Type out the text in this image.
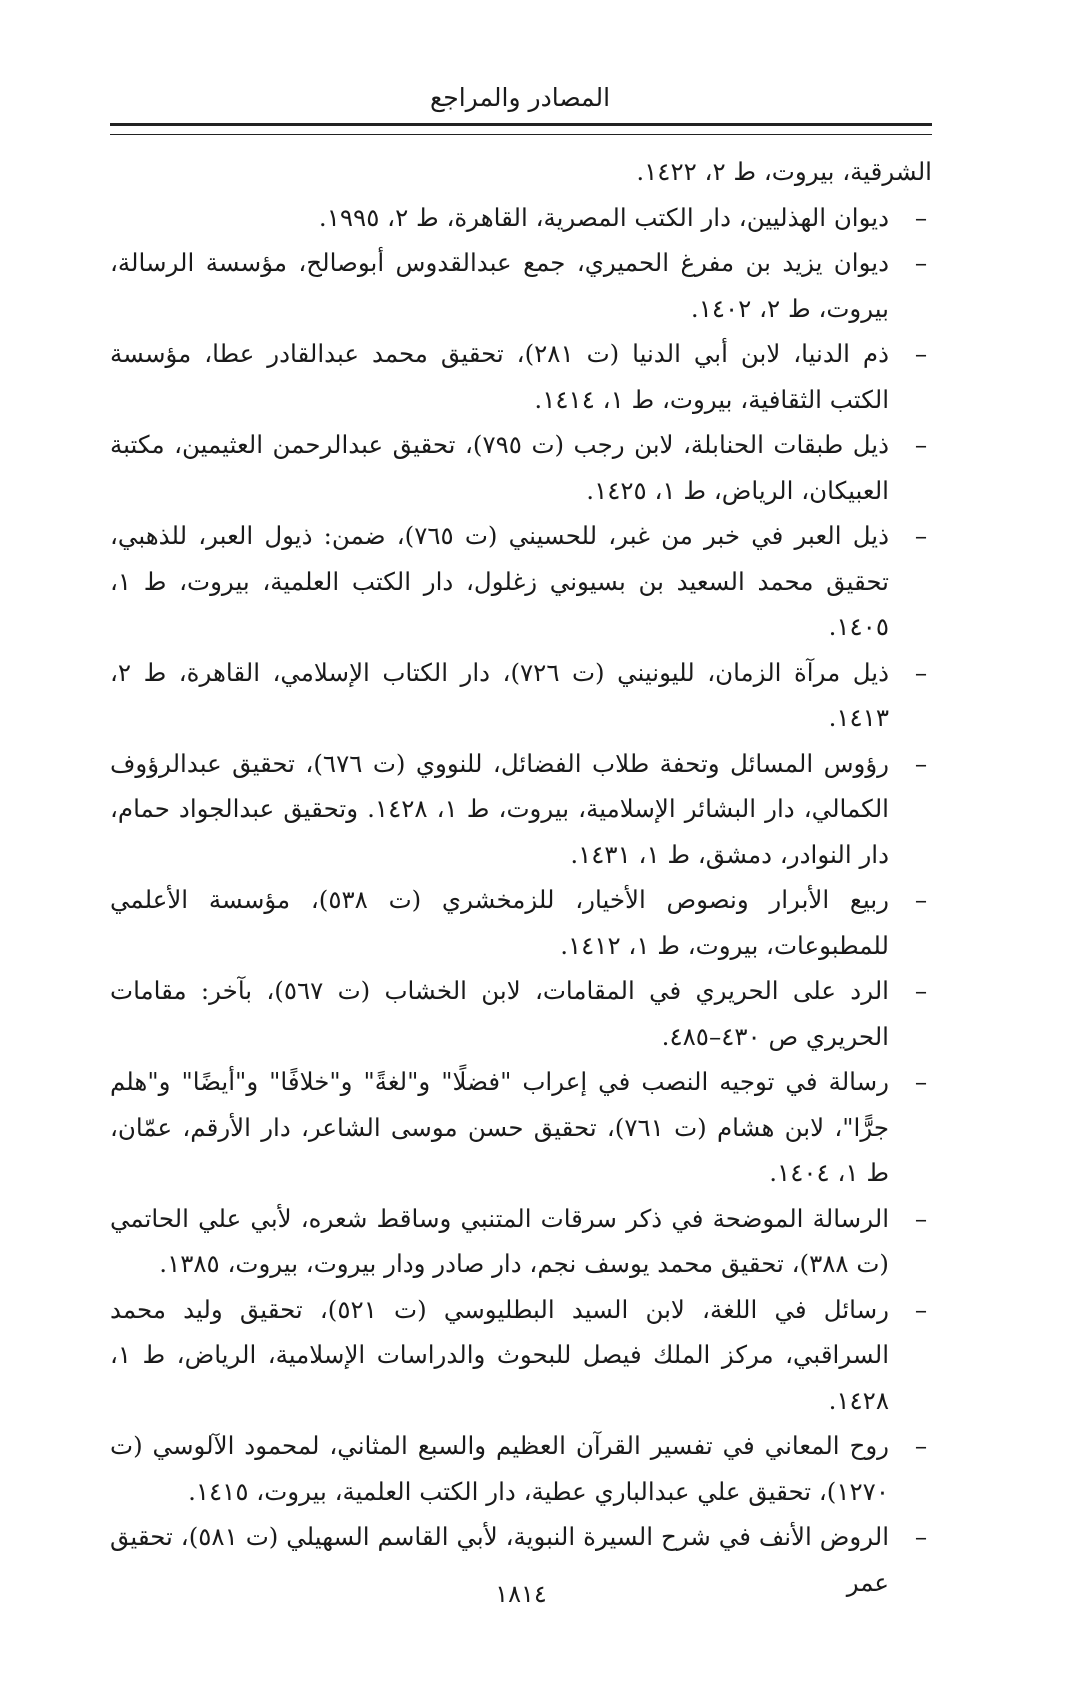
المصادر والمراجع

الشرقية، بيروت، ط ٢، ١٤٢٢.

–
ديوان الهذليين، دار الكتب المصرية، القاهرة، ط ٢، ١٩٩٥.

–
ديوان يزيد بن مفرغ الحميري، جمع عبدالقدوس أبوصالح، مؤسسة الرسالة، بيروت، ط ٢، ١٤٠٢.

–
ذم الدنيا، لابن أبي الدنيا (ت ٢٨١)، تحقيق محمد عبدالقادر عطا، مؤسسة الكتب الثقافية، بيروت، ط ١، ١٤١٤.

–
ذيل طبقات الحنابلة، لابن رجب (ت ٧٩٥)، تحقيق عبدالرحمن العثيمين، مكتبة العبيكان، الرياض، ط ١، ١٤٢٥.

–
ذيل العبر في خبر من غبر، للحسيني (ت ٧٦٥)، ضمن: ذيول العبر، للذهبي، تحقيق محمد السعيد بن بسيوني زغلول، دار الكتب العلمية، بيروت، ط ١، ١٤٠٥.

–
ذيل مرآة الزمان، لليونيني (ت ٧٢٦)، دار الكتاب الإسلامي، القاهرة، ط ٢، ١٤١٣.

–
رؤوس المسائل وتحفة طلاب الفضائل، للنووي (ت ٦٧٦)، تحقيق عبدالرؤوف الكمالي، دار البشائر الإسلامية، بيروت، ط ١، ١٤٢٨. وتحقيق عبدالجواد حمام، دار النوادر، دمشق، ط ١، ١٤٣١.

–
ربيع الأبرار ونصوص الأخيار، للزمخشري (ت ٥٣٨)، مؤسسة الأعلمي للمطبوعات، بيروت، ط ١، ١٤١٢.

–
الرد على الحريري في المقامات، لابن الخشاب (ت ٥٦٧)، بآخر: مقامات الحريري ص ٤٣٠–٤٨٥.

–
رسالة في توجيه النصب في إعراب "فضلًا" و"لغةً" و"خلافًا" و"أيضًا" و"هلم جرًّا"، لابن هشام (ت ٧٦١)، تحقيق حسن موسى الشاعر، دار الأرقم، عمّان، ط ١، ١٤٠٤.

–
الرسالة الموضحة في ذكر سرقات المتنبي وساقط شعره، لأبي علي الحاتمي (ت ٣٨٨)، تحقيق محمد يوسف نجم، دار صادر ودار بيروت، بيروت، ١٣٨٥.

–
رسائل في اللغة، لابن السيد البطليوسي (ت ٥٢١)، تحقيق وليد محمد السراقبي، مركز الملك فيصل للبحوث والدراسات الإسلامية، الرياض، ط ١، ١٤٢٨.

–
روح المعاني في تفسير القرآن العظيم والسبع المثاني، لمحمود الآلوسي (ت ١٢٧٠)، تحقيق علي عبدالباري عطية، دار الكتب العلمية، بيروت، ١٤١٥.

–
الروض الأنف في شرح السيرة النبوية، لأبي القاسم السهيلي (ت ٥٨١)، تحقيق عمر

١٨١٤
